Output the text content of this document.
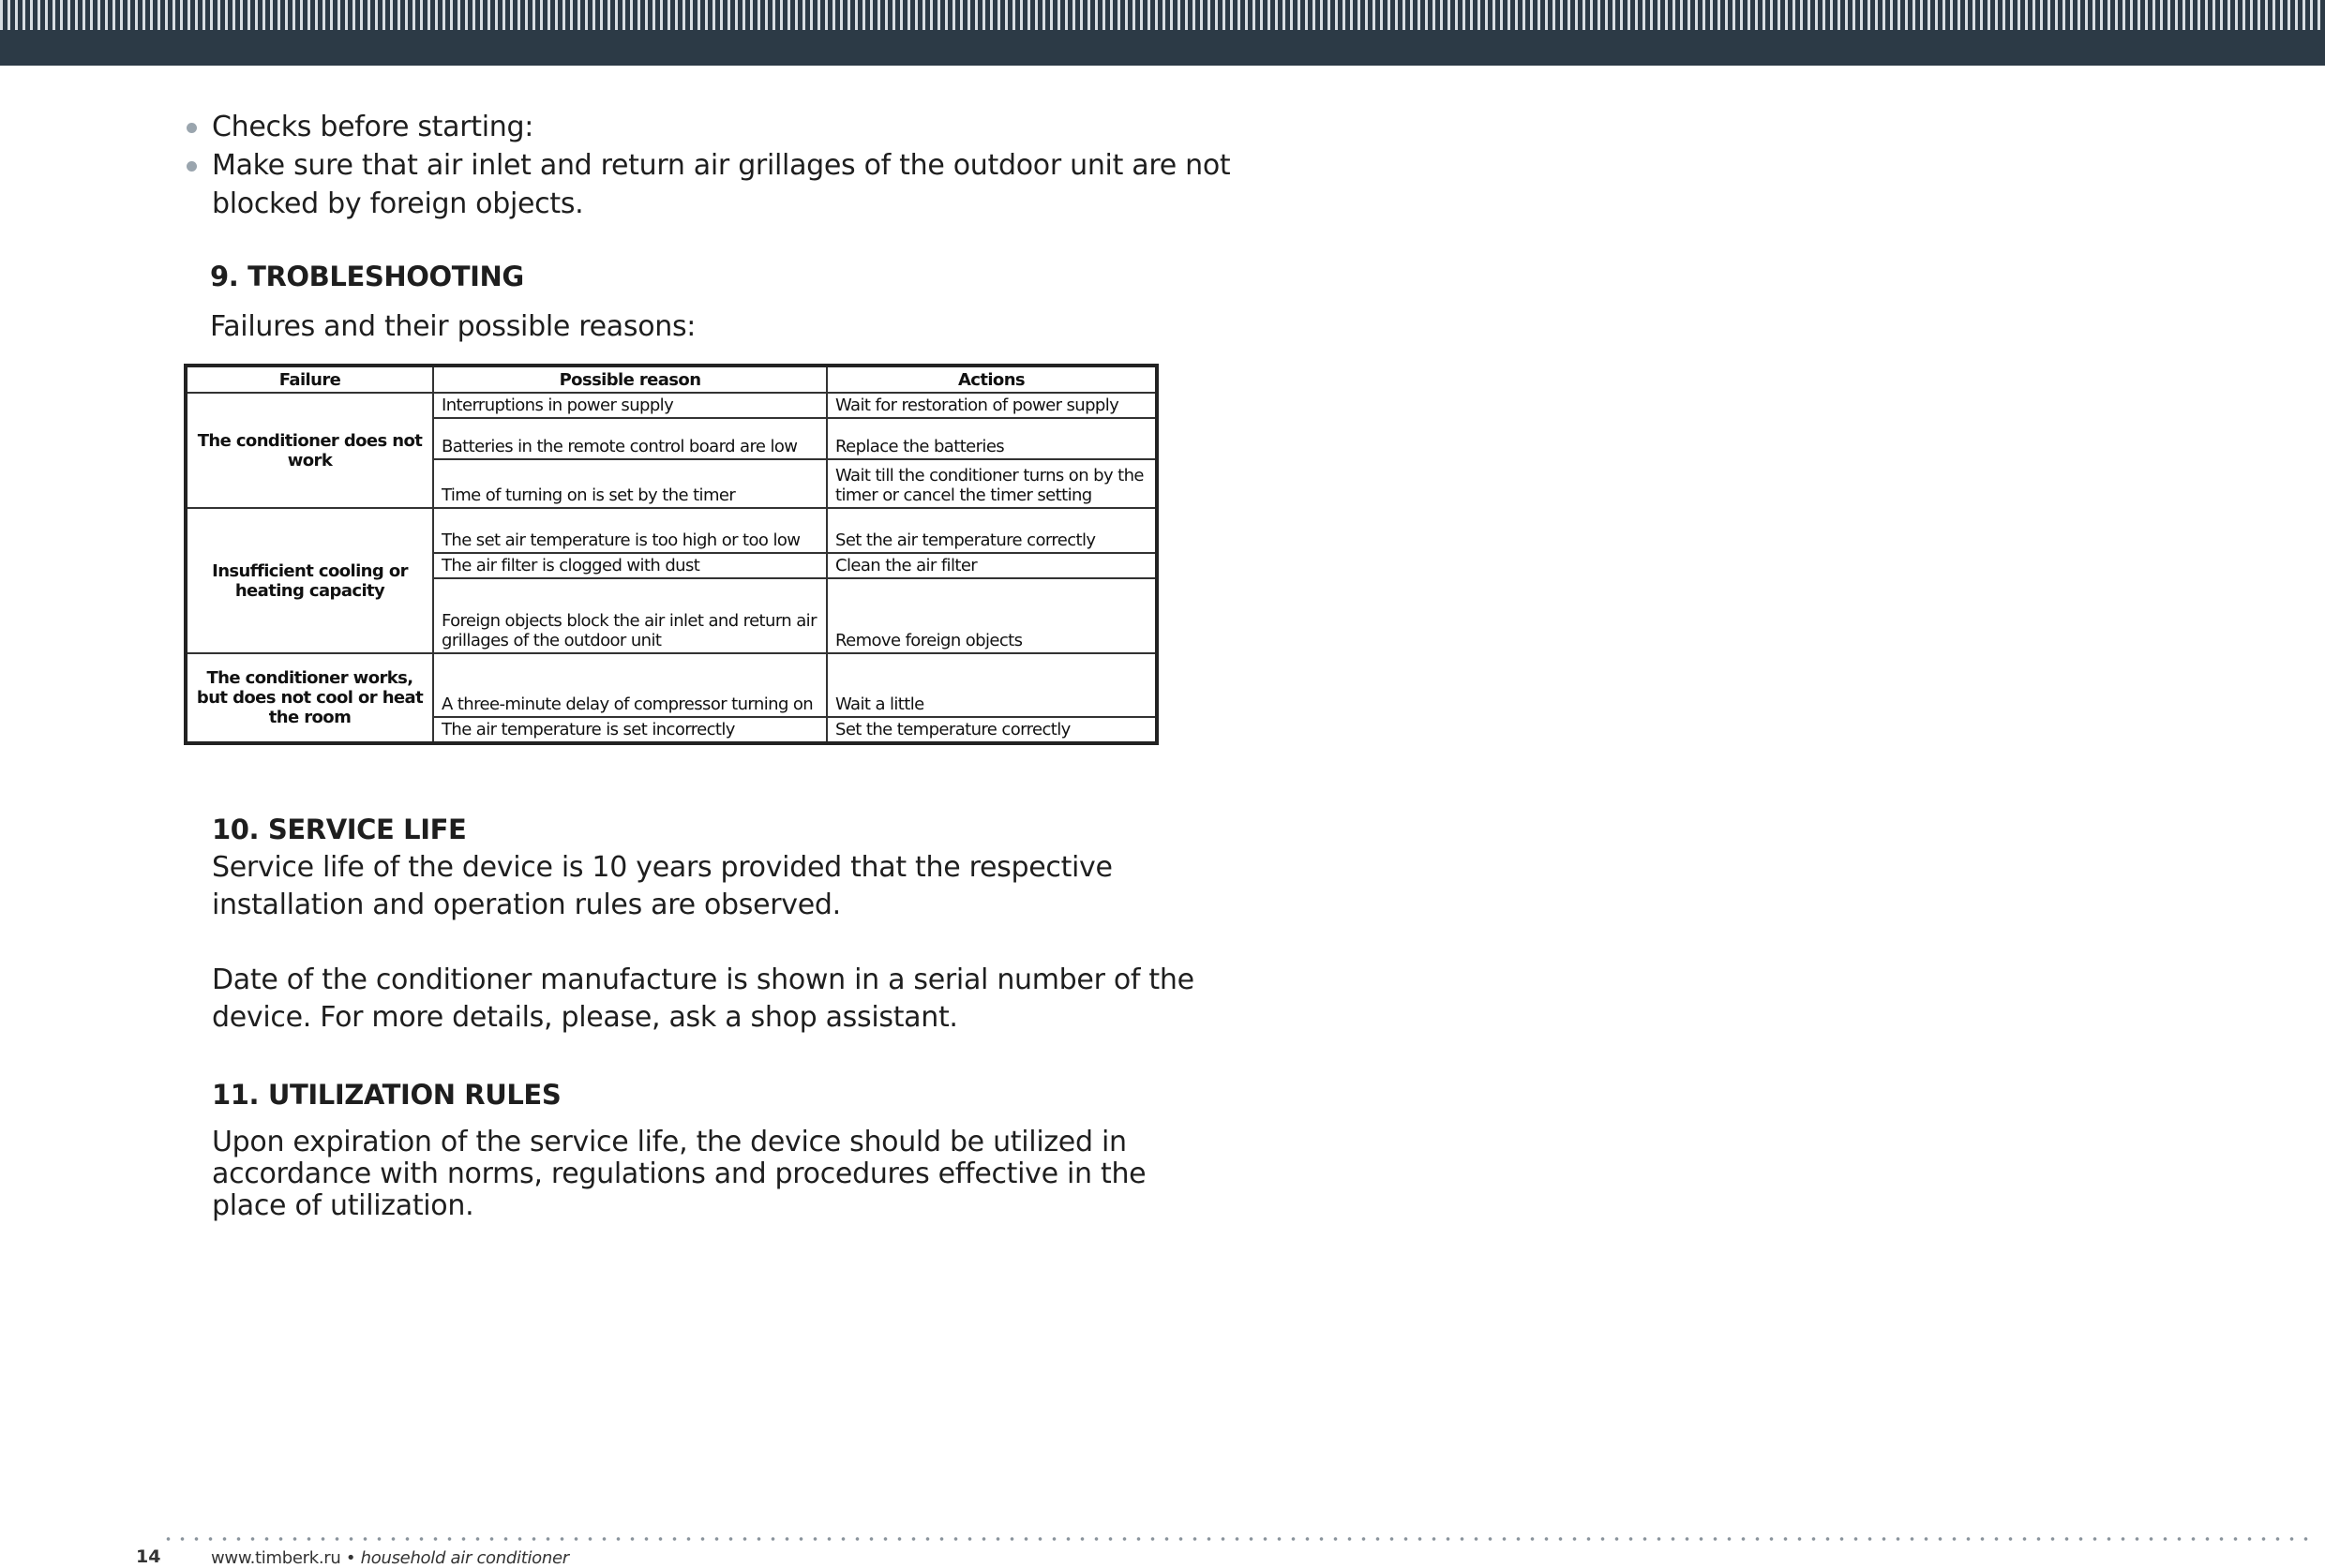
Checks before starting:
Make sure that air inlet and return air grillages of the outdoor unit are not
blocked by foreign objects.
9. TROBLESHOOTING
Failures and their possible reasons:
Failure	Possible reason	Actions
The conditioner does not work	Interruptions in power supply	Wait for restoration of power supply
	Batteries in the remote control board are low	Replace the batteries
	Time of turning on is set by the timer	Wait till the conditioner turns on by the timer or cancel the timer setting
Insufficient cooling or heating capacity	The set air temperature is too high or too low	Set the air temperature correctly
	The air filter is clogged with dust	Clean the air filter
	Foreign objects block the air inlet and return air grillages of the outdoor unit	Remove foreign objects
The conditioner works, but does not cool or heat the room	A three-minute delay of compressor turning on	Wait a little
	The air temperature is set incorrectly	Set the temperature correctly
10. SERVICE LIFE
Service life of the device is 10 years provided that the respective
installation and operation rules are observed.
Date of the conditioner manufacture is shown in a serial number of the
device. For more details, please, ask a shop assistant.
11. UTILIZATION RULES
Upon expiration of the service life, the device should be utilized in
accordance with norms, regulations and procedures effective in the
place of utilization.
14	www.timberk.ru • household air conditioner
